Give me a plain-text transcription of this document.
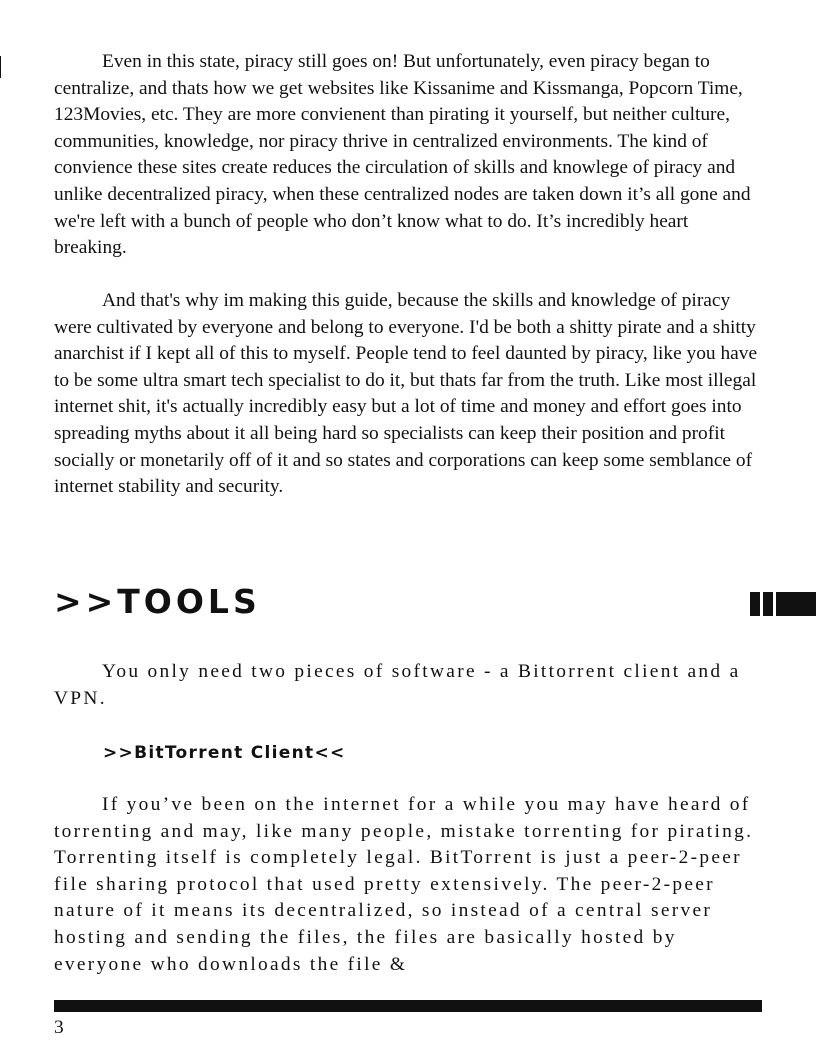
Even in this state, piracy still goes on! But unfortunately, even piracy began to centralize, and thats how we get websites like Kissanime and Kissmanga, Popcorn Time, 123Movies, etc. They are more convienent than pirating it yourself, but neither culture, communities, knowledge, nor piracy thrive in centralized environments. The kind of convience these sites create reduces the circulation of skills and knowlege of piracy and unlike decentralized piracy, when these centralized nodes are taken down it’s all gone and we're left with a bunch of people who don’t know what to do. It’s incredibly heart breaking.

And that's why im making this guide, because the skills and knowledge of piracy were cultivated by everyone and belong to everyone. I'd be both a shitty pirate and a shitty anarchist if I kept all of this to myself. People tend to feel daunted by piracy, like you have to be some ultra smart tech specialist to do it, but thats far from the truth. Like most illegal internet shit, it's actually incredibly easy but a lot of time and money and effort goes into spreading myths about it all being hard so specialists can keep their position and profit socially or monetarily off of it and so states and corporations can keep some semblance of internet stability and security.

>>TOOLS

You only need two pieces of software - a Bittorrent client and a VPN.

>>BitTorrent Client<<

If you’ve been on the internet for a while you may have heard of torrenting and may, like many people, mistake torrenting for pirating. Torrenting itself is completely legal. BitTorrent is just a peer-2-peer file sharing protocol that used pretty extensively. The peer-2-peer nature of it means its decentralized, so instead of a central server hosting and sending the files, the files are basically hosted by everyone who downloads the file &

3
